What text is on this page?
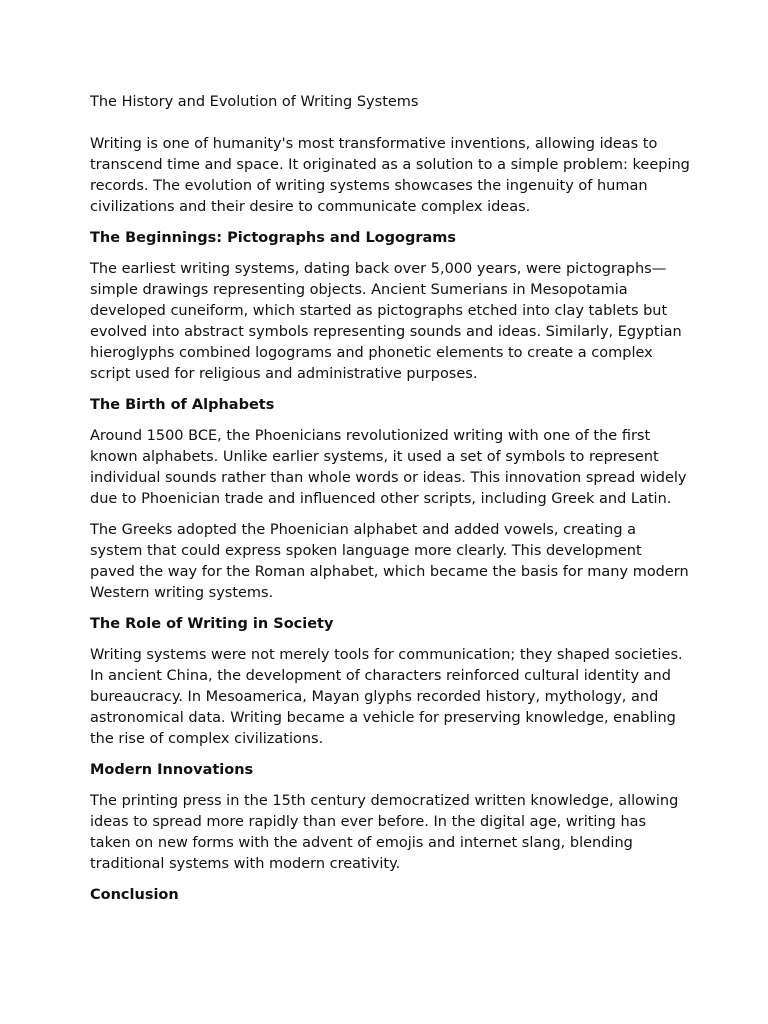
The History and Evolution of Writing Systems

Writing is one of humanity's most transformative inventions, allowing ideas to transcend time and space. It originated as a solution to a simple problem: keeping records. The evolution of writing systems showcases the ingenuity of human civilizations and their desire to communicate complex ideas.

The Beginnings: Pictographs and Logograms

The earliest writing systems, dating back over 5,000 years, were pictographs—simple drawings representing objects. Ancient Sumerians in Mesopotamia developed cuneiform, which started as pictographs etched into clay tablets but evolved into abstract symbols representing sounds and ideas. Similarly, Egyptian hieroglyphs combined logograms and phonetic elements to create a complex script used for religious and administrative purposes.

The Birth of Alphabets

Around 1500 BCE, the Phoenicians revolutionized writing with one of the first known alphabets. Unlike earlier systems, it used a set of symbols to represent individual sounds rather than whole words or ideas. This innovation spread widely due to Phoenician trade and influenced other scripts, including Greek and Latin.

The Greeks adopted the Phoenician alphabet and added vowels, creating a system that could express spoken language more clearly. This development paved the way for the Roman alphabet, which became the basis for many modern Western writing systems.

The Role of Writing in Society

Writing systems were not merely tools for communication; they shaped societies. In ancient China, the development of characters reinforced cultural identity and bureaucracy. In Mesoamerica, Mayan glyphs recorded history, mythology, and astronomical data. Writing became a vehicle for preserving knowledge, enabling the rise of complex civilizations.

Modern Innovations

The printing press in the 15th century democratized written knowledge, allowing ideas to spread more rapidly than ever before. In the digital age, writing has taken on new forms with the advent of emojis and internet slang, blending traditional systems with modern creativity.

Conclusion
